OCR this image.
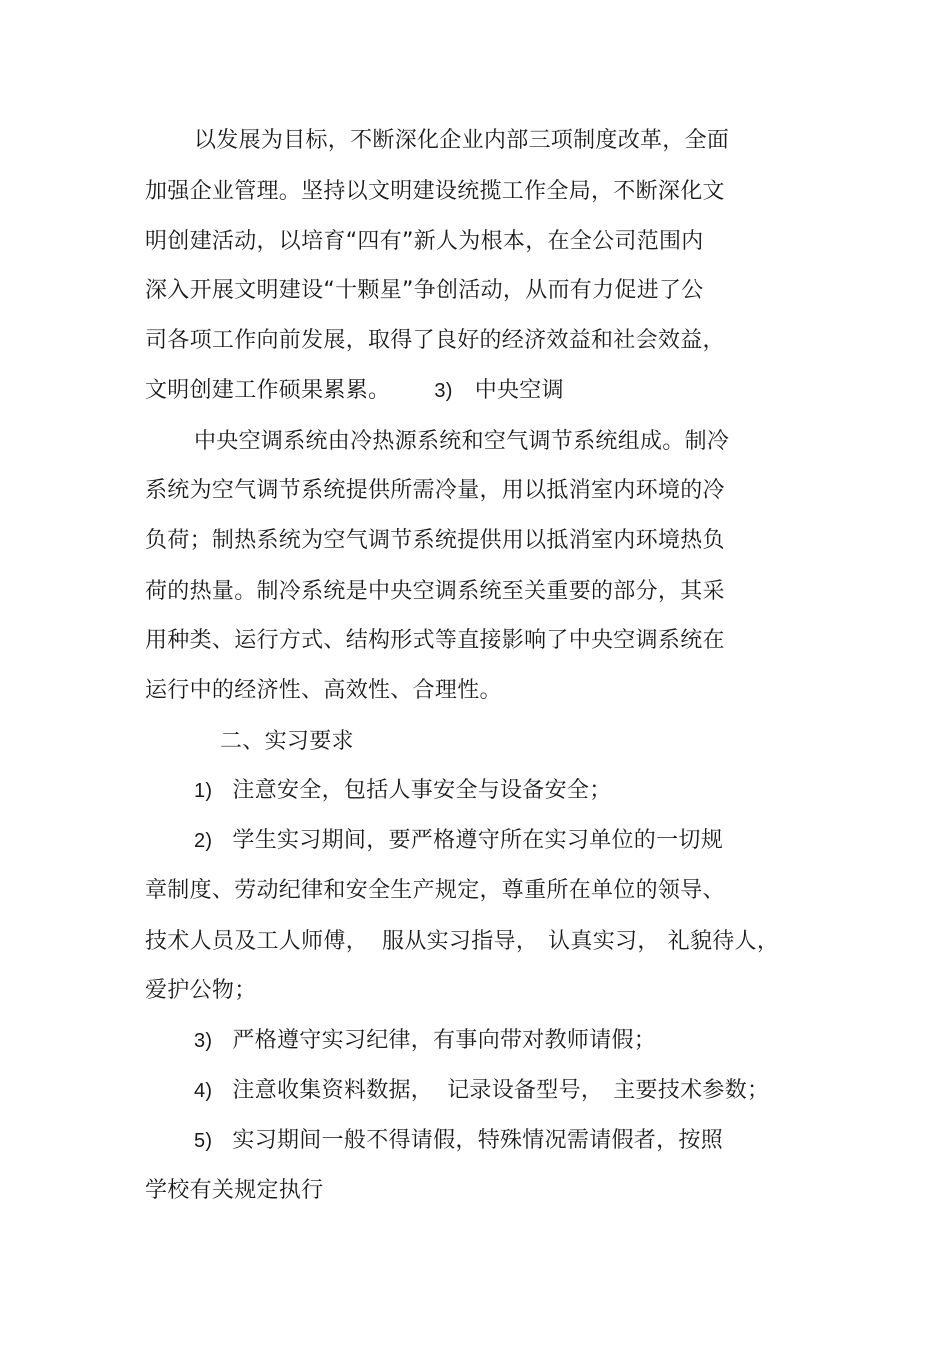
以发展为目标，不断深化企业内部三项制度改革，全面
加强企业管理。坚持以文明建设统揽工作全局，不断深化文
明创建活动，以培育“四有”新人为根本，在全公司范围内
深入开展文明建设“十颗星”争创活动，从而有力促进了公
司各项工作向前发展，取得了良好的经济效益和社会效益，
文明创建工作硕果累累。 3) 中央空调
中央空调系统由冷热源系统和空气调节系统组成。制冷
系统为空气调节系统提供所需冷量，用以抵消室内环境的冷
负荷；制热系统为空气调节系统提供用以抵消室内环境热负
荷的热量。制冷系统是中央空调系统至关重要的部分，其采
用种类、运行方式、结构形式等直接影响了中央空调系统在
运行中的经济性、高效性、合理性。
二、实习要求
1) 注意安全，包括人事安全与设备安全；
2) 学生实习期间，要严格遵守所在实习单位的一切规
章制度、劳动纪律和安全生产规定，尊重所在单位的领导、
技术人员及工人师傅， 服从实习指导， 认真实习， 礼貌待人，
爱护公物；
3) 严格遵守实习纪律，有事向带对教师请假；
4) 注意收集资料数据， 记录设备型号， 主要技术参数；
5) 实习期间一般不得请假，特殊情况需请假者，按照
学校有关规定执行
